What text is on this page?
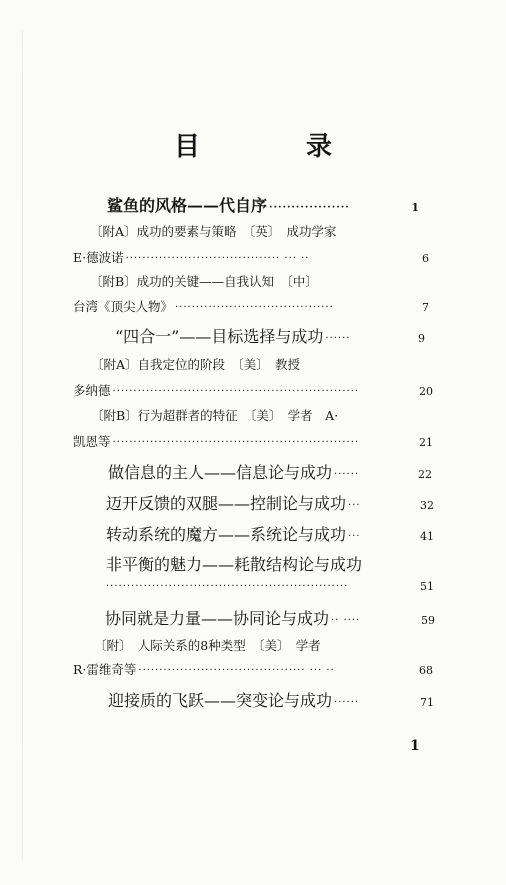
目　录
鲨鱼的风格——代自序 ··················	1
〔附A〕成功的要素与策略　〔英〕　成功学家
E·德波诺 ····································· ··· ··	6
〔附B〕成功的关键——自我认知　〔中〕
台湾《顶尖人物》 ······································	7
“四合一”——目标选择与成功 ······	9
〔附A〕自我定位的阶段　〔美〕　教授
多纳德 ···························································	20
〔附B〕行为超群者的特征　〔美〕　学者　A·
凯恩等 ···························································	21
做信息的主人——信息论与成功 ······	22
迈开反馈的双腿——控制论与成功 ···	32
转动系统的魔方——系统论与成功 ···	41
非平衡的魅力——耗散结构论与成功
··························································	51
协同就是力量——协同论与成功 ·· ····	59
〔附〕　人际关系的8种类型　〔美〕　学者
R·雷维奇等 ········································ ··· ··	68
迎接质的飞跃——突变论与成功 ······	71
1
